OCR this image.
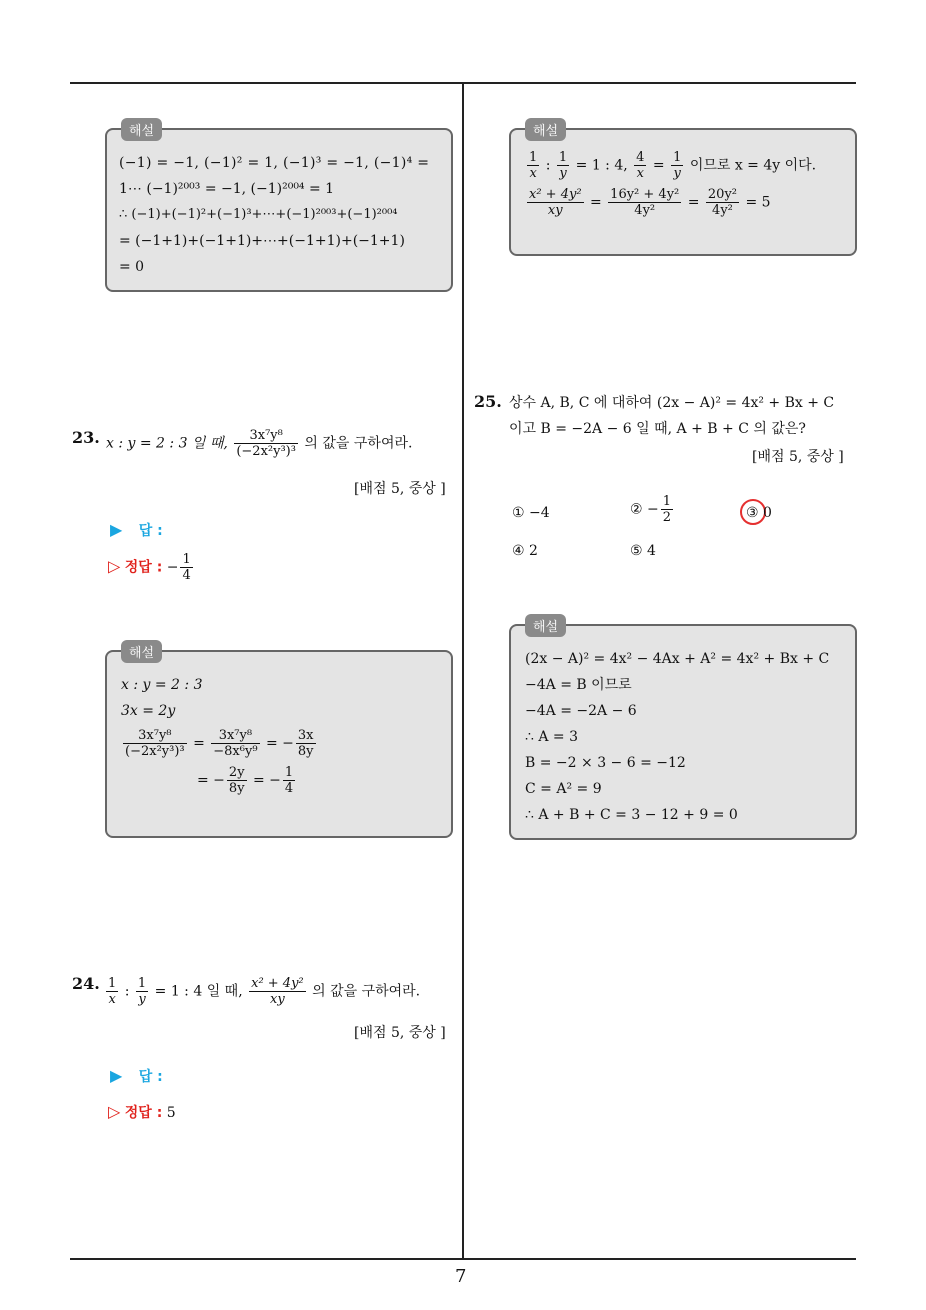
7
해설
(−1) = −1, (−1)² = 1, (−1)³ = −1, (−1)⁴ =
1⋯ (−1)²⁰⁰³ = −1, (−1)²⁰⁰⁴ = 1
∴ (−1)+(−1)²+(−1)³+⋯+(−1)²⁰⁰³+(−1)²⁰⁰⁴
= (−1+1)+(−1+1)+⋯+(−1+1)+(−1+1)
= 0
23. x : y = 2 : 3 일 때, $\frac{\text{3x⁷y⁸}}{\text{(−2x²y³)³}}$ 의 값을 구하여라.
[배점 5, 중상 ]
▶ 답 :
▷ 정답 : − $\frac{1}{4}$
해설
x : y = 2 : 3
3x = 2y
$\frac{\text{3x⁷y⁸}}{\text{(−2x²y³)³}} = \frac{\text{3x⁷y⁸}}{\text{−8x⁶y⁹}}$ = − $\frac{3x}{8y}$
= − $\frac{2y}{8y}$ = − $\frac{1}{4}$
24. $\frac{1}{x}$ : $\frac{1}{y} = 1$ : 4 일 때, $\frac{\text{x² + 4y²}}{xy}$ 의 값을 구하여라.
[배점 5, 중상 ]
▶ 답 :
▷ 정답 : 5
해설
$\frac{1}{x}$ : $\frac{1}{y} = 1$ : 4, $\frac{4}{x} = \frac{1}{y}$ 이므로 x = 4y 이다.
$\frac{\text{x² + 4y²}}{xy} = \frac{\text{16y² + 4y²}}{\text{4y²}} = \frac{\text{20y²}}{\text{4y²}} = 5$
25. 상수 A, B, C 에 대하여 (2x − A)² = 4x² + Bx + C
이고 B = −2A − 6 일 때, A + B + C 의 값은?
[배점 5, 중상 ]
① −4	② − $\frac{1}{2}$	③ 0
④ 2	⑤ 4
해설
(2x − A)² = 4x² − 4Ax + A² = 4x² + Bx + C
−4A = B 이므로
−4A = −2A − 6
∴ A = 3
B = −2 × 3 − 6 = −12
C = A² = 9
∴ A + B + C = 3 − 12 + 9 = 0
